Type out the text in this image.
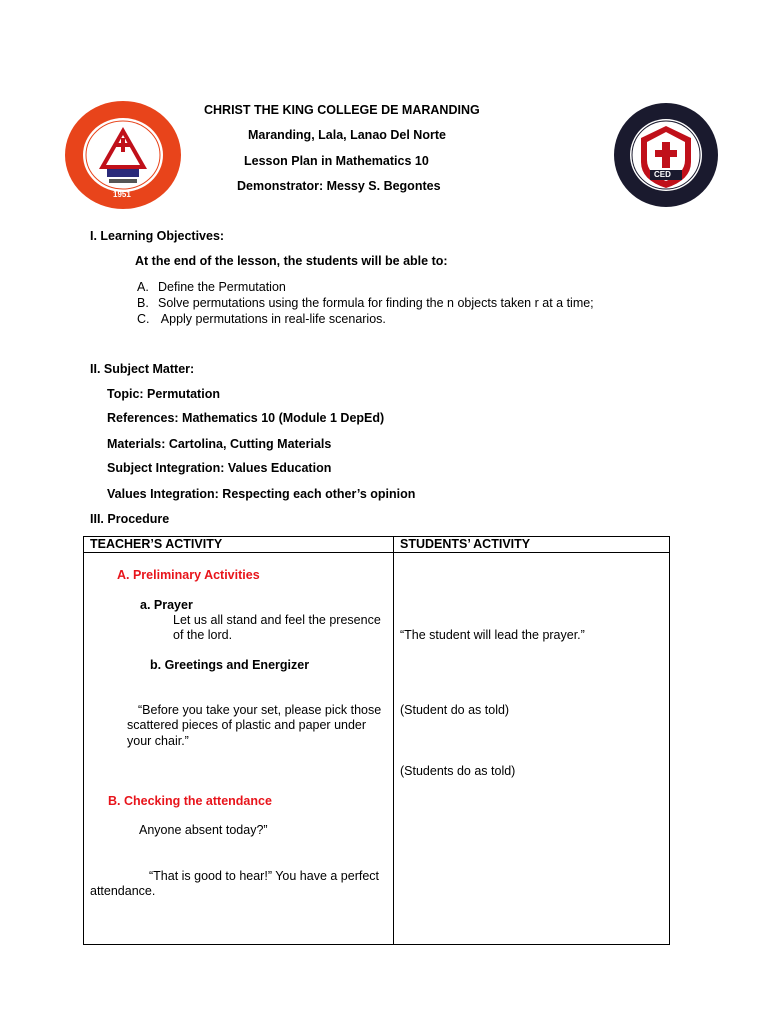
1951
CED
CHRIST THE KING COLLEGE DE MARANDING
Maranding, Lala, Lanao Del Norte
Lesson Plan in Mathematics 10
Demonstrator: Messy S. Begontes
I. Learning Objectives:
At the end of the lesson, the students will be able to:
A. Define the Permutation
B. Solve permutations using the formula for finding the n objects taken r at a time;
C. Apply permutations in real-life scenarios.
II. Subject Matter:
Topic: Permutation
References: Mathematics 10 (Module 1 DepEd)
Materials: Cartolina, Cutting Materials
Subject Integration: Values Education
Values Integration: Respecting each other’s opinion
III. Procedure
TEACHER’S ACTIVITY	STUDENTS’ ACTIVITY
A. Preliminary Activities
a. Prayer
Let us all stand and feel the presence
of the lord.	“The student will lead the prayer.”
b. Greetings and Energizer
“Before you take your set, please pick those
scattered pieces of plastic and paper under
your chair.”
(Student do as told)
(Students do as told)
B. Checking the attendance
Anyone absent today?”
“That is good to hear!” You have a perfect
attendance.
